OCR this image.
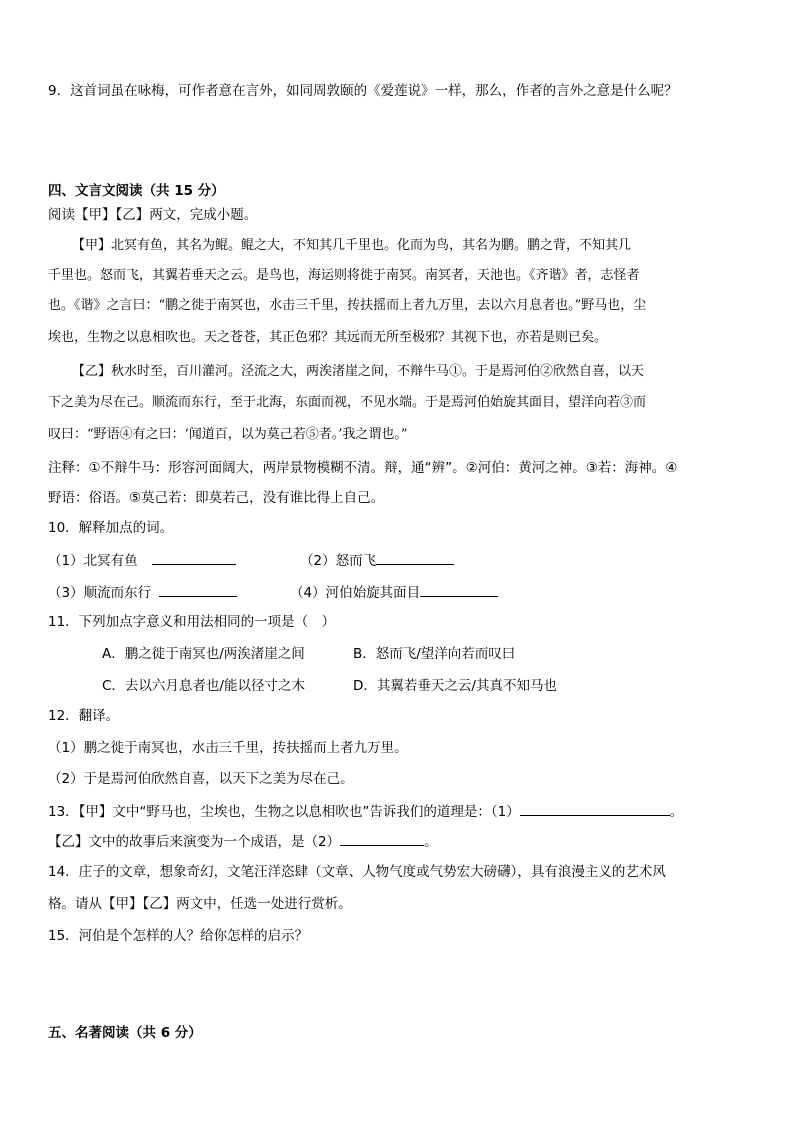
9．这首词虽在咏梅，可作者意在言外，如同周敦颐的《爱莲说》一样，那么，作者的言外之意是什么呢？
四、文言文阅读（共 15 分）
阅读【甲】【乙】两文，完成小题。
【甲】北冥有鱼，其名为鲲。鲲之大，不知其几千里也。化而为鸟，其名为鹏。鹏之背，不知其几
千里也。怒而飞，其翼若垂天之云。是鸟也，海运则将徙于南冥。南冥者，天池也。《齐谐》者，志怪者
也。《谐》之言曰：“鹏之徙于南冥也，水击三千里，抟扶摇而上者九万里，去以六月息者也。”野马也，尘
埃也，生物之以息相吹也。天之苍苍，其正色邪？其远而无所至极邪？其视下也，亦若是则已矣。
【乙】秋水时至，百川灌河。泾流之大，两涘渚崖之间，不辩牛马①。于是焉河伯②欣然自喜，以天
下之美为尽在己。顺流而东行，至于北海，东面而视，不见水端。于是焉河伯始旋其面目，望洋向若③而
叹曰：“野语④有之曰：‘闻道百，以为莫己若⑤者。’我之谓也。”
注释：①不辩牛马：形容河面阔大，两岸景物模糊不清。辩，通“辨”。②河伯：黄河之神。③若：海神。④
野语：俗语。⑤莫己若：即莫若己，没有谁比得上自己。
10．解释加点的词。
（1）北冥有鱼	（2）怒而飞
（3）顺流而东行	（4）河伯始旋其面目
11．下列加点字意义和用法相同的一项是（　）
A．鹏之徙于南冥也/两涘渚崖之间	B．怒而飞/望洋向若而叹曰
C．去以六月息者也/能以径寸之木	D．其翼若垂天之云/其真不知马也
12．翻译。
（1）鹏之徙于南冥也，水击三千里，抟扶摇而上者九万里。
（2）于是焉河伯欣然自喜，以天下之美为尽在己。
13．【甲】文中“野马也，尘埃也，生物之以息相吹也”告诉我们的道理是：（1）	。
【乙】文中的故事后来演变为一个成语，是（2）	。
14．庄子的文章，想象奇幻，文笔汪洋恣肆（文章、人物气度或气势宏大磅礴），具有浪漫主义的艺术风
格。请从【甲】【乙】两文中，任选一处进行赏析。
15．河伯是个怎样的人？给你怎样的启示？
五、名著阅读（共 6 分）
